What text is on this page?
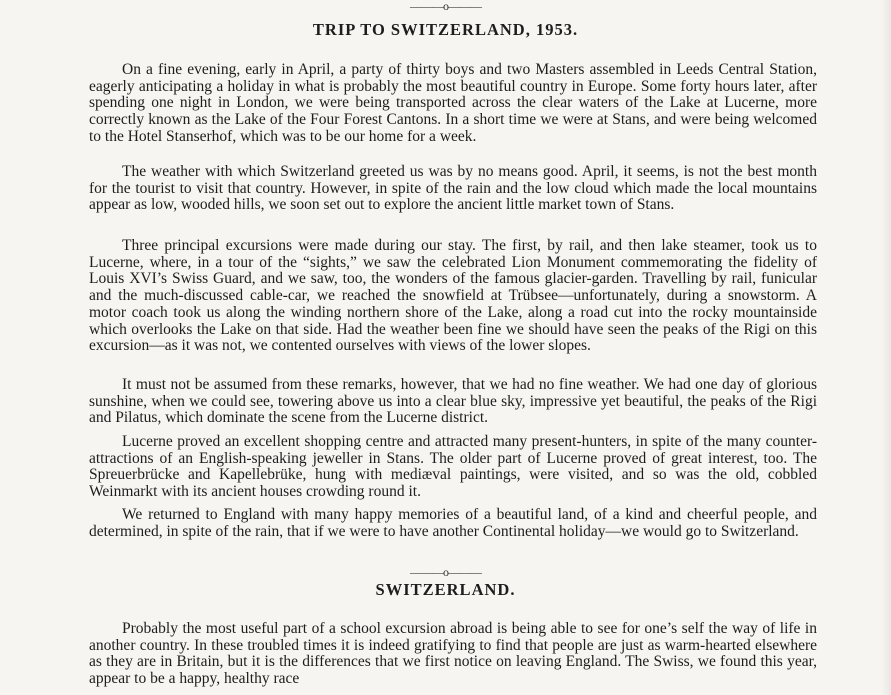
———o———
TRIP TO SWITZERLAND, 1953.

On a fine evening, early in April, a party of thirty boys and two Masters assembled in Leeds Central Station, eagerly anticipating a holiday in what is probably the most beautiful country in Europe. Some forty hours later, after spending one night in London, we were being transported across the clear waters of the Lake at Lucerne, more correctly known as the Lake of the Four Forest Cantons. In a short time we were at Stans, and were being welcomed to the Hotel Stanserhof, which was to be our home for a week.

The weather with which Switzerland greeted us was by no means good. April, it seems, is not the best month for the tourist to visit that country. However, in spite of the rain and the low cloud which made the local mountains appear as low, wooded hills, we soon set out to explore the ancient little market town of Stans.

Three principal excursions were made during our stay. The first, by rail, and then lake steamer, took us to Lucerne, where, in a tour of the “sights,” we saw the celebrated Lion Monument commemorating the fidelity of Louis XVI’s Swiss Guard, and we saw, too, the wonders of the famous glacier-garden. Travelling by rail, funicular and the much-discussed cable-car, we reached the snowfield at Trübsee—unfortunately, during a snowstorm. A motor coach took us along the winding northern shore of the Lake, along a road cut into the rocky mountainside which overlooks the Lake on that side. Had the weather been fine we should have seen the peaks of the Rigi on this excursion—as it was not, we contented ourselves with views of the lower slopes.

It must not be assumed from these remarks, however, that we had no fine weather. We had one day of glorious sunshine, when we could see, towering above us into a clear blue sky, impressive yet beautiful, the peaks of the Rigi and Pilatus, which dominate the scene from the Lucerne district.

Lucerne proved an excellent shopping centre and attracted many present-hunters, in spite of the many counter-attractions of an English-speaking jeweller in Stans. The older part of Lucerne proved of great interest, too. The Spreuerbrücke and Kapellebrüke, hung with mediæval paintings, were visited, and so was the old, cobbled Weinmarkt with its ancient houses crowding round it.

We returned to England with many happy memories of a beautiful land, of a kind and cheerful people, and determined, in spite of the rain, that if we were to have another Continental holiday—we would go to Switzerland.

———o———
SWITZERLAND.

Probably the most useful part of a school excursion abroad is being able to see for one’s self the way of life in another country. In these troubled times it is indeed gratifying to find that people are just as warm-hearted elsewhere as they are in Britain, but it is the differences that we first notice on leaving England. The Swiss, we found this year, appear to be a happy, healthy race
